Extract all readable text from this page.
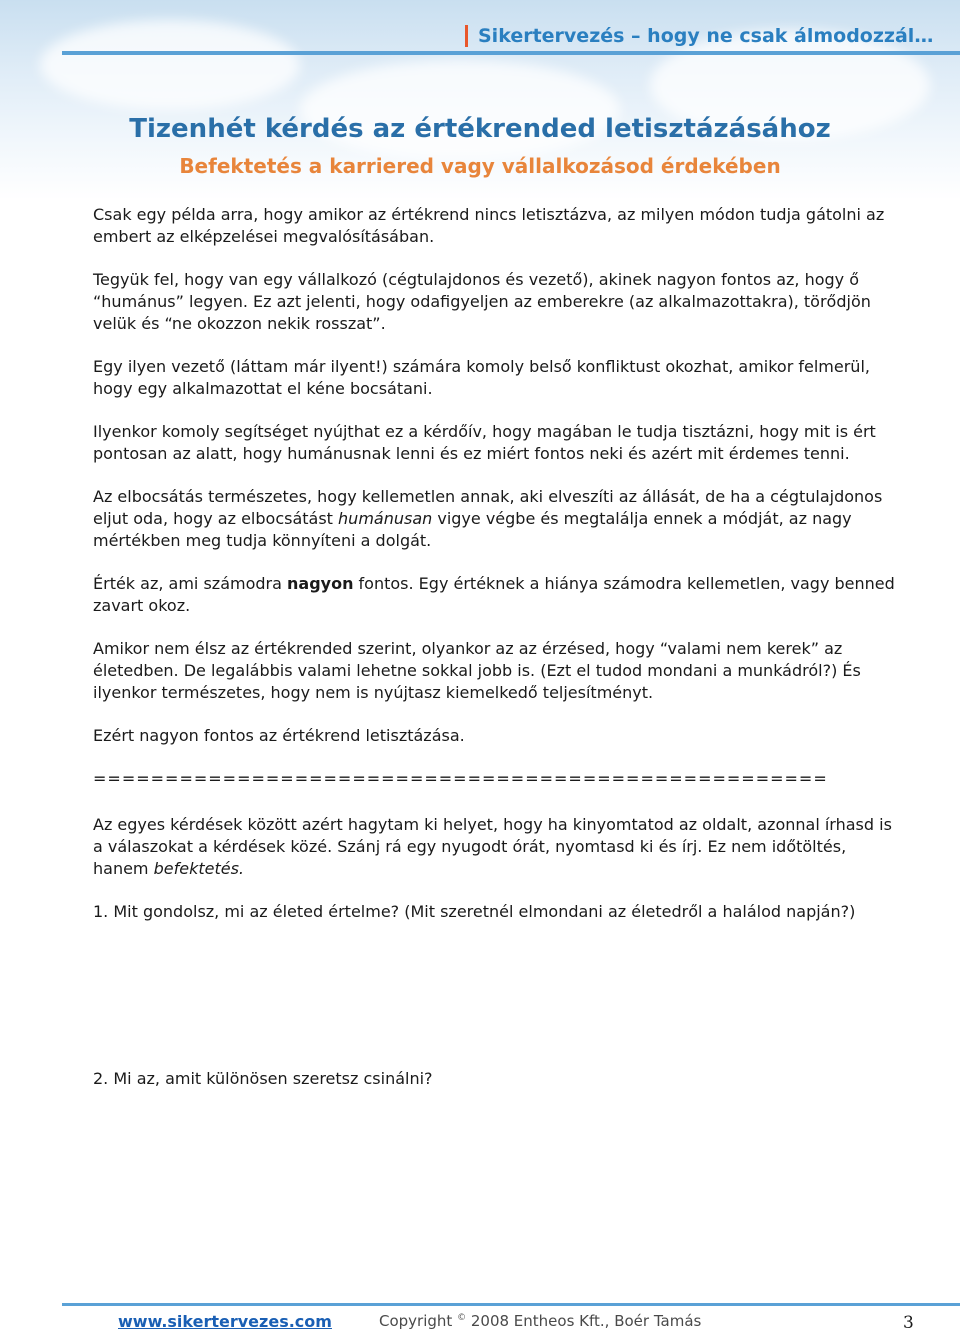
Sikertervezés – hogy ne csak álmodozzál…
Tizenhét kérdés az értékrended letisztázásához
Befektetés a karriered vagy vállalkozásod érdekében

Csak egy példa arra, hogy amikor az értékrend nincs letisztázva, az milyen módon tudja gátolni az embert az elképzelései megvalósításában.

Tegyük fel, hogy van egy vállalkozó (cégtulajdonos és vezető), akinek nagyon fontos az, hogy ő “humánus” legyen. Ez azt jelenti, hogy odafigyeljen az emberekre (az alkalmazottakra), törődjön velük és “ne okozzon nekik rosszat”.

Egy ilyen vezető (láttam már ilyent!) számára komoly belső konfliktust okozhat, amikor felmerül, hogy egy alkalmazottat el kéne bocsátani.

Ilyenkor komoly segítséget nyújthat ez a kérdőív, hogy magában le tudja tisztázni, hogy mit is ért pontosan az alatt, hogy humánusnak lenni és ez miért fontos neki és azért mit érdemes tenni.

Az elbocsátás természetes, hogy kellemetlen annak, aki elveszíti az állását, de ha a cégtulajdonos eljut oda, hogy az elbocsátást humánusan vigye végbe és megtalálja ennek a módját, az nagy mértékben meg tudja könnyíteni a dolgát.

Érték az, ami számodra nagyon fontos. Egy értéknek a hiánya számodra kellemetlen, vagy benned zavart okoz.

Amikor nem élsz az értékrended szerint, olyankor az az érzésed, hogy “valami nem kerek” az életedben. De legalábbis valami lehetne sokkal jobb is. (Ezt el tudod mondani a munkádról?) És ilyenkor természetes, hogy nem is nyújtasz kiemelkedő teljesítményt.

Ezért nagyon fontos az értékrend letisztázása.

===================================================

Az egyes kérdések között azért hagytam ki helyet, hogy ha kinyomtatod az oldalt, azonnal írhasd is a válaszokat a kérdések közé. Szánj rá egy nyugodt órát, nyomtasd ki és írj. Ez nem időtöltés, hanem befektetés.

1. Mit gondolsz, mi az életed értelme? (Mit szeretnél elmondani az életedről a halálod napján?)

2. Mi az, amit különösen szeretsz csinálni?

www.sikertervezes.com	Copyright © 2008 Entheos Kft., Boér Tamás	3
